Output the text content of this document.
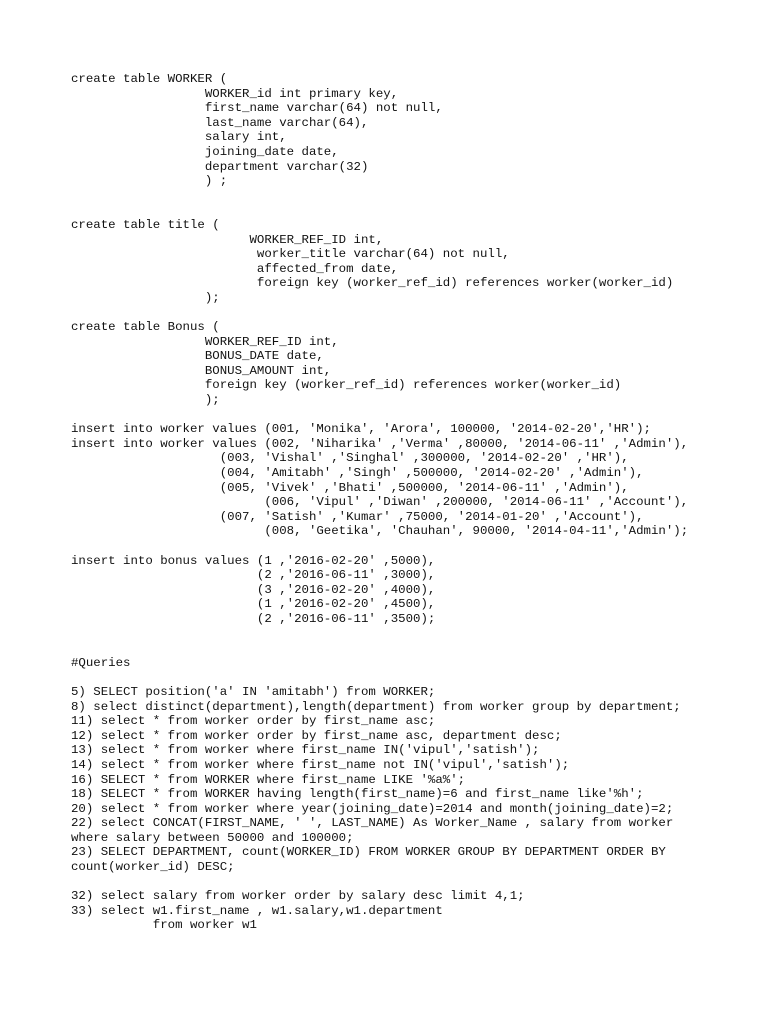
create table WORKER (
WORKER_id int primary key,
first_name varchar(64) not null,
last_name varchar(64),
salary int,
joining_date date,
department varchar(32)
) ;
create table title (
WORKER_REF_ID int,
worker_title varchar(64) not null,
affected_from date,
foreign key (worker_ref_id) references worker(worker_id)
);
create table Bonus (
WORKER_REF_ID int,
BONUS_DATE date,
BONUS_AMOUNT int,
foreign key (worker_ref_id) references worker(worker_id)
);
insert into worker values (001, 'Monika', 'Arora', 100000, '2014-02-20','HR');
insert into worker values (002, 'Niharika' ,'Verma' ,80000, '2014-06-11' ,'Admin'),
(003, 'Vishal' ,'Singhal' ,300000, '2014-02-20' ,'HR'),
(004, 'Amitabh' ,'Singh' ,500000, '2014-02-20' ,'Admin'),
(005, 'Vivek' ,'Bhati' ,500000, '2014-06-11' ,'Admin'),
(006, 'Vipul' ,'Diwan' ,200000, '2014-06-11' ,'Account'),
(007, 'Satish' ,'Kumar' ,75000, '2014-01-20' ,'Account'),
(008, 'Geetika', 'Chauhan', 90000, '2014-04-11','Admin');
insert into bonus values (1 ,'2016-02-20' ,5000),
(2 ,'2016-06-11' ,3000),
(3 ,'2016-02-20' ,4000),
(1 ,'2016-02-20' ,4500),
(2 ,'2016-06-11' ,3500);
#Queries
5) SELECT position('a' IN 'amitabh') from WORKER;
8) select distinct(department),length(department) from worker group by department;
11) select * from worker order by first_name asc;
12) select * from worker order by first_name asc, department desc;
13) select * from worker where first_name IN('vipul','satish');
14) select * from worker where first_name not IN('vipul','satish');
16) SELECT * from WORKER where first_name LIKE '%a%';
18) SELECT * from WORKER having length(first_name)=6 and first_name like'%h';
20) select * from worker where year(joining_date)=2014 and month(joining_date)=2;
22) select CONCAT(FIRST_NAME, ' ', LAST_NAME) As Worker_Name , salary from worker
where salary between 50000 and 100000;
23) SELECT DEPARTMENT, count(WORKER_ID) FROM WORKER GROUP BY DEPARTMENT ORDER BY
count(worker_id) DESC;
32) select salary from worker order by salary desc limit 4,1;
33) select w1.first_name , w1.salary,w1.department
from worker w1
